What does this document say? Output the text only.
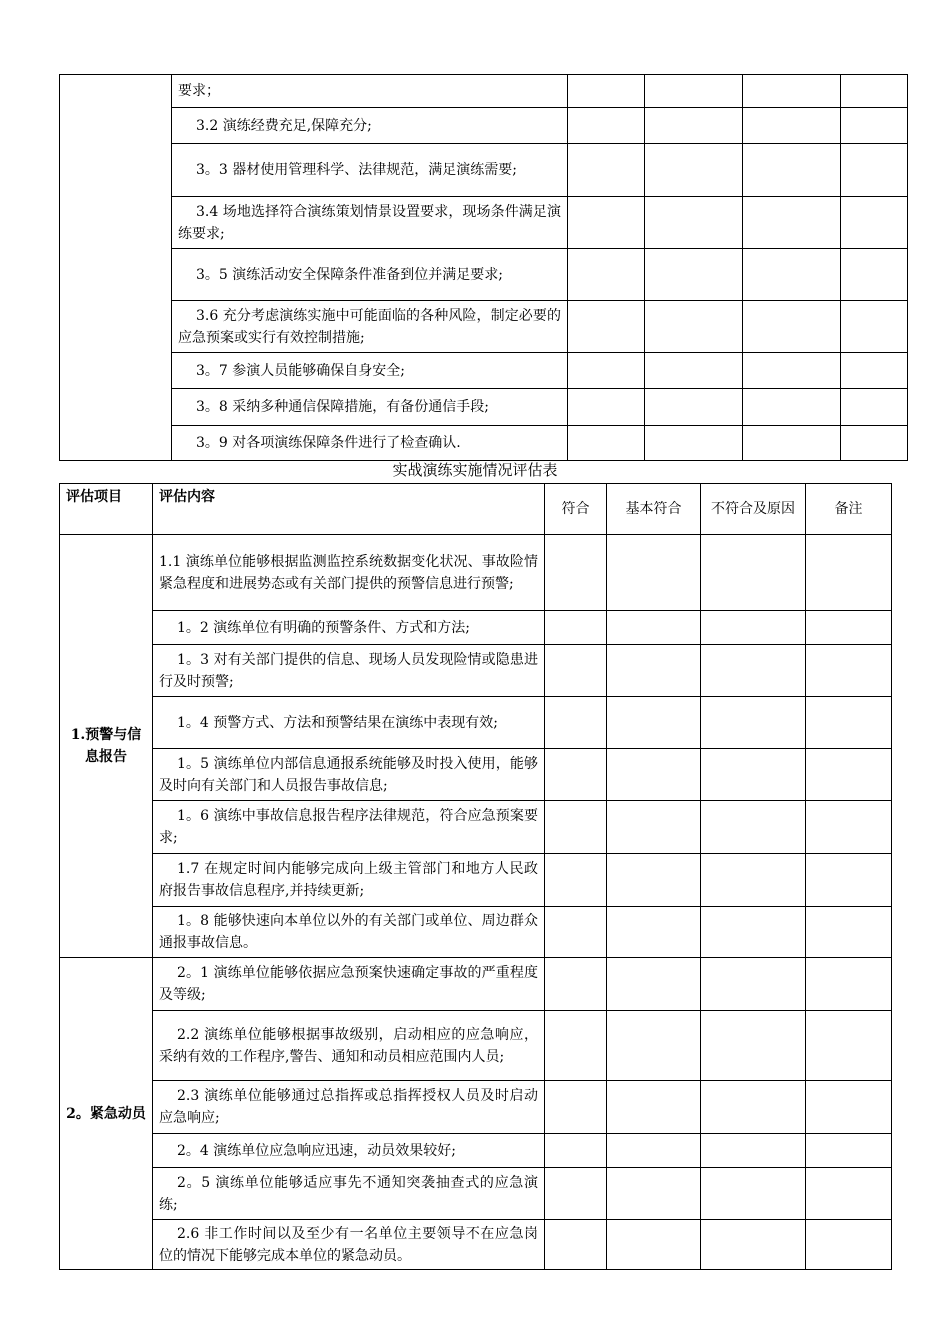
	要求；				
	3.2 演练经费充足,保障充分;				
	3。3 器材使用管理科学、法律规范，满足演练需要;				
	3.4 场地选择符合演练策划情景设置要求，现场条件满足演练要求;				
	3。5 演练活动安全保障条件准备到位并满足要求;				
	3.6 充分考虑演练实施中可能面临的各种风险，制定必要的应急预案或实行有效控制措施;				
	3。7 参演人员能够确保自身安全;				
	3。8 采纳多种通信保障措施，有备份通信手段;				
	3。9 对各项演练保障条件进行了检查确认.				
实战演练实施情况评估表
评估项目	评估内容	符合	基本符合	不符合及原因	备注
1.预警与信息报告	1.1 演练单位能够根据监测监控系统数据变化状况、事故险情紧急程度和进展势态或有关部门提供的预警信息进行预警;				
	1。2 演练单位有明确的预警条件、方式和方法;				
	1。3 对有关部门提供的信息、现场人员发现险情或隐患进行及时预警;				
	1。4 预警方式、方法和预警结果在演练中表现有效;				
	1。5 演练单位内部信息通报系统能够及时投入使用，能够及时向有关部门和人员报告事故信息;				
	1。6 演练中事故信息报告程序法律规范，符合应急预案要求;				
	1.7 在规定时间内能够完成向上级主管部门和地方人民政府报告事故信息程序,并持续更新;				
	1。8 能够快速向本单位以外的有关部门或单位、周边群众通报事故信息。				
2。紧急动员	2。1 演练单位能够依据应急预案快速确定事故的严重程度及等级;				
	2.2 演练单位能够根据事故级别，启动相应的应急响应，采纳有效的工作程序,警告、通知和动员相应范围内人员;				
	2.3 演练单位能够通过总指挥或总指挥授权人员及时启动应急响应;				
	2。4 演练单位应急响应迅速，动员效果较好;				
	2。5 演练单位能够适应事先不通知突袭抽查式的应急演练;				
	2.6 非工作时间以及至少有一名单位主要领导不在应急岗位的情况下能够完成本单位的紧急动员。				
